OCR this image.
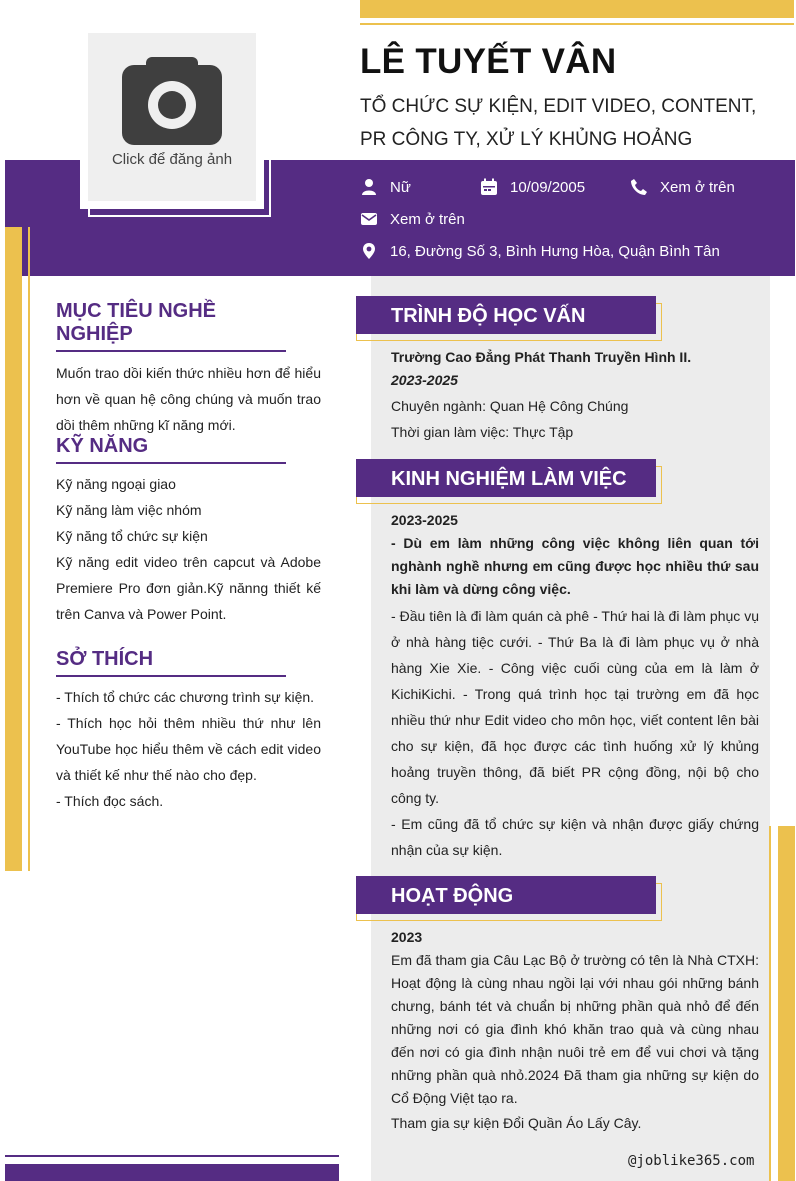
Click để đăng ảnh
LÊ TUYẾT VÂN
TỔ CHỨC SỰ KIỆN, EDIT VIDEO, CONTENT, PR CÔNG TY, XỬ LÝ KHỦNG HOẢNG
Nữ	10/09/2005	Xem ở trên
Xem ở trên
16, Đường Số 3, Bình Hưng Hòa, Quận Bình Tân
MỤC TIÊU NGHỀ NGHIỆP
Muốn trao dồi kiến thức nhiều hơn để hiểu hơn về quan hệ công chúng và muốn trao dồi thêm những kĩ năng mới.
KỸ NĂNG
Kỹ năng ngoại giao
Kỹ năng làm việc nhóm
Kỹ năng tổ chức sự kiện
Kỹ năng edit video trên capcut và Adobe Premiere Pro đơn giản.Kỹ nănng thiết kế trên Canva và Power Point.
SỞ THÍCH
- Thích tổ chức các chương trình sự kiện.
- Thích học hỏi thêm nhiều thứ như lên YouTube học hiểu thêm về cách edit video và thiết kế như thế nào cho đẹp.
- Thích đọc sách.
TRÌNH ĐỘ HỌC VẤN
Trường Cao Đẳng Phát Thanh Truyền Hình II.
2023-2025
Chuyên ngành: Quan Hệ Công Chúng
Thời gian làm việc: Thực Tập
KINH NGHIỆM LÀM VIỆC
2023-2025
- Dù em làm những công việc không liên quan tới nghành nghề nhưng em cũng được học nhiều thứ sau khi làm và dừng công việc.
- Đầu tiên là đi làm quán cà phê - Thứ hai là đi làm phục vụ ở nhà hàng tiệc cưới. - Thứ Ba là đi làm phục vụ ở nhà hàng Xie Xie. - Công việc cuối cùng của em là làm ở KichiKichi. - Trong quá trình học tại trường em đã học nhiều thứ như Edit video cho môn học, viết content lên bài cho sự kiện, đã học được các tình huống xử lý khủng hoảng truyền thông, đã biết PR cộng đồng, nội bộ cho công ty.
- Em cũng đã tổ chức sự kiện và nhận được giấy chứng nhận của sự kiện.
HOẠT ĐỘNG
2023
Em đã tham gia Câu Lạc Bộ ở trường có tên là Nhà CTXH: Hoạt động là cùng nhau ngồi lại với nhau gói những bánh chưng, bánh tét và chuẩn bị những phần quà nhỏ để đến những nơi có gia đình khó khăn trao quà và cùng nhau đến nơi có gia đình nhận nuôi trẻ em để vui chơi và tặng những phần quà nhỏ.2024 Đã tham gia những sự kiện do Cổ Động Việt tạo ra.
Tham gia sự kiện Đổi Quần Áo Lấy Cây.
@joblike365.com
